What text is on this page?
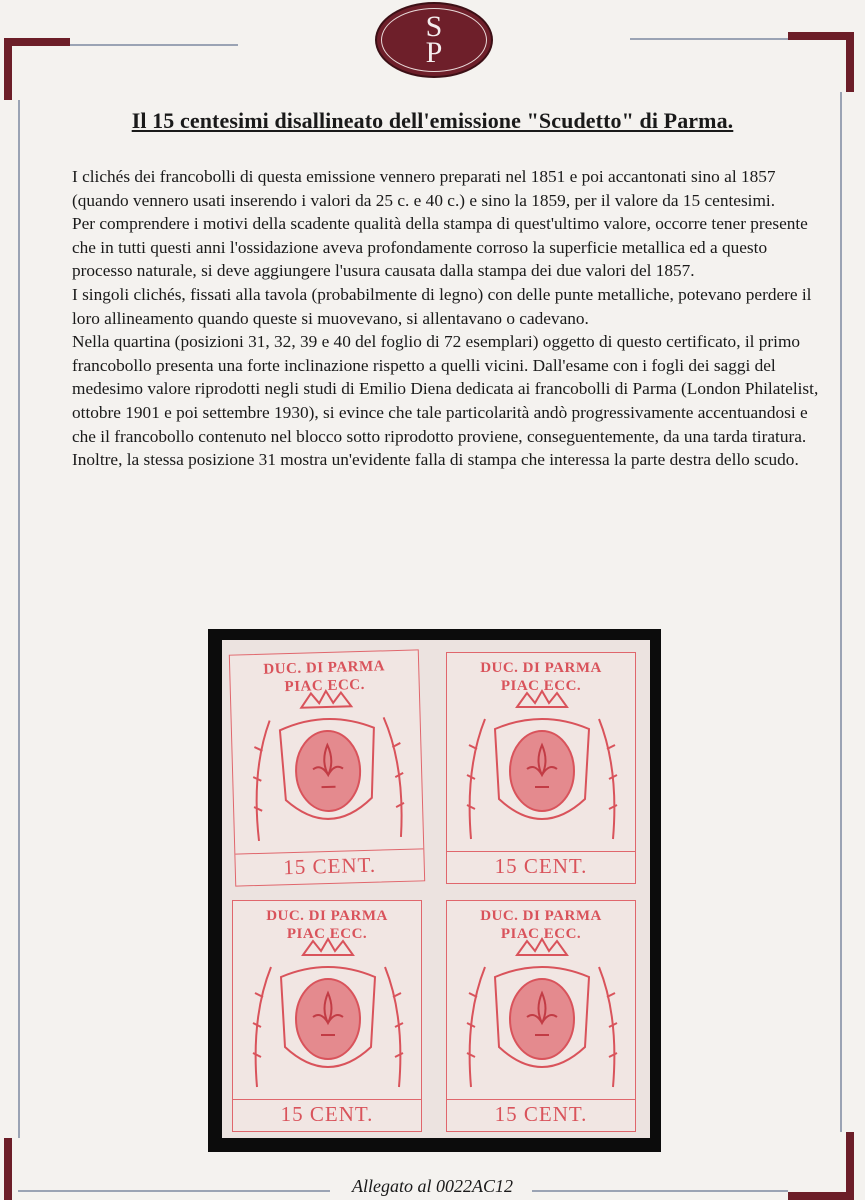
S
P
Il 15 centesimi disallineato dell'emissione "Scudetto" di Parma.

I clichés dei francobolli di questa emissione vennero preparati nel 1851 e poi accantonati sino al 1857 (quando vennero usati inserendo i valori da 25 c. e 40 c.) e sino la 1859, per il valore da 15 centesimi.

Per comprendere i motivi della scadente qualità della stampa di quest'ultimo valore, occorre tener presente che in tutti questi anni l'ossidazione aveva profondamente corroso la superficie metallica ed a questo processo naturale, si deve aggiungere l'usura causata dalla stampa dei due valori del 1857.

I singoli clichés, fissati alla tavola (probabilmente di legno) con delle punte metalliche, potevano perdere il loro allineamento quando queste si muovevano, si allentavano o cadevano.

Nella quartina (posizioni 31, 32, 39 e 40 del foglio di 72 esemplari) oggetto di questo certificato, il primo francobollo presenta una forte inclinazione rispetto a quelli vicini. Dall'esame con i fogli dei saggi del medesimo valore riprodotti negli studi di Emilio Diena dedicata ai francobolli di Parma (London Philatelist, ottobre 1901 e poi settembre 1930), si evince che tale particolarità andò progressivamente accentuandosi e che il francobollo contenuto nel blocco sotto riprodotto proviene, conseguentemente, da una tarda tiratura. Inoltre, la stessa posizione 31 mostra un'evidente falla di stampa che interessa la parte destra dello scudo.

DUC. DI PARMA
PIAC ECC.
15 CENT.
DUC. DI PARMA
PIAC ECC.
15 CENT.
DUC. DI PARMA
PIAC ECC.
15 CENT.
DUC. DI PARMA
PIAC ECC.
15 CENT.
Allegato al 0022AC12
